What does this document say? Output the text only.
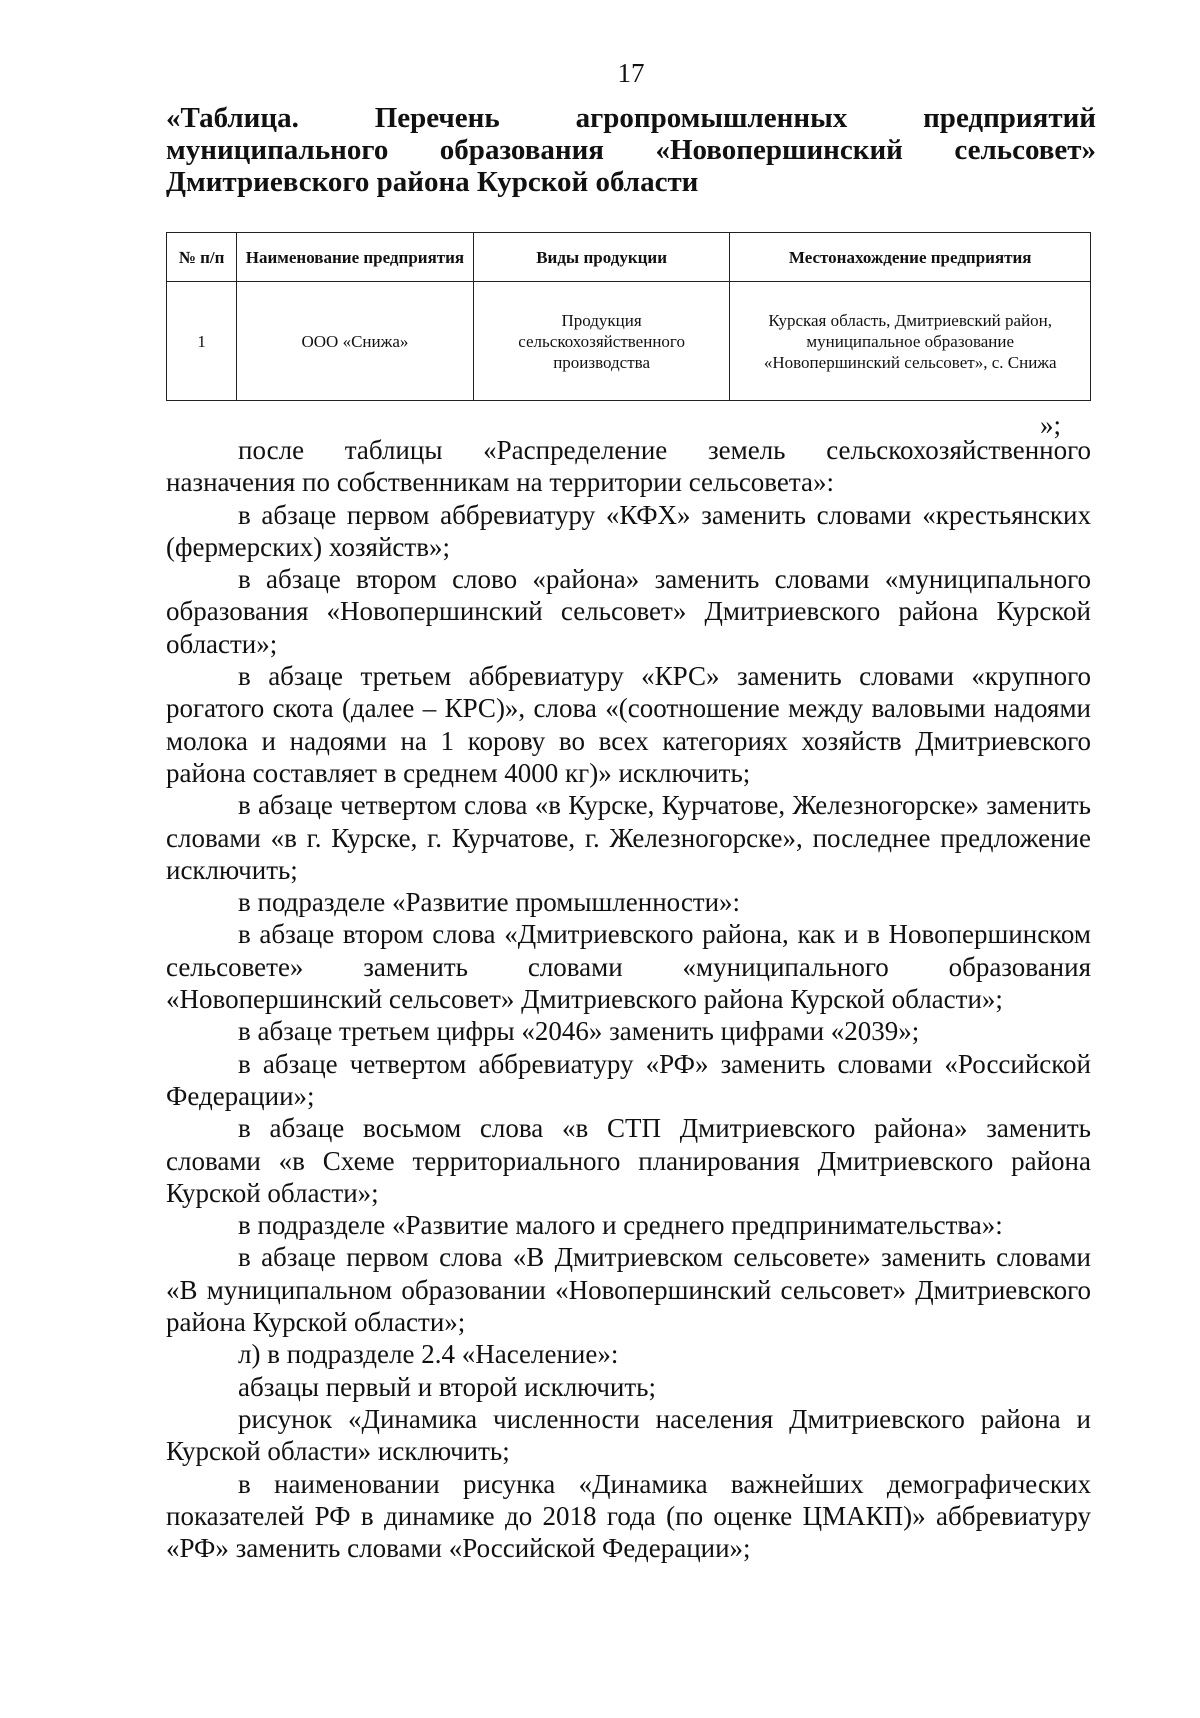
17
«Таблица. Перечень агропромышленных предприятий
муниципального образования «Новопершинский сельсовет»
Дмитриевского района Курской области
№ п/п	Наименование предприятия	Виды продукции	Местонахождение предприятия
1	ООО «Снижа»	Продукция сельскохозяйственного производства	Курская область, Дмитриевский район, муниципальное образование «Новопершинский сельсовет», с. Снижа
»;

после таблицы «Распределение земель сельскохозяйственного назначения по собственникам на территории сельсовета»:

в абзаце первом аббревиатуру «КФХ» заменить словами «крестьянских (фермерских) хозяйств»;

в абзаце втором слово «района» заменить словами «муниципального образования «Новопершинский сельсовет» Дмитриевского района Курской области»;

в абзаце третьем аббревиатуру «КРС» заменить словами «крупного рогатого скота (далее – КРС)», слова «(соотношение между валовыми надоями молока и надоями на 1 корову во всех категориях хозяйств Дмитриевского района составляет в среднем 4000 кг)» исключить;

в абзаце четвертом слова «в Курске, Курчатове, Железногорске» заменить словами «в г. Курске, г. Курчатове, г. Железногорске», последнее предложение исключить;

в подразделе «Развитие промышленности»:

в абзаце втором слова «Дмитриевского района, как и в Новопершинском сельсовете» заменить словами «муниципального образования «Новопершинский сельсовет» Дмитриевского района Курской области»;

в абзаце третьем цифры «2046» заменить цифрами «2039»;

в абзаце четвертом аббревиатуру «РФ» заменить словами «Российской Федерации»;

в абзаце восьмом слова «в СТП Дмитриевского района» заменить словами «в Схеме территориального планирования Дмитриевского района Курской области»;

в подразделе «Развитие малого и среднего предпринимательства»:

в абзаце первом слова «В Дмитриевском сельсовете» заменить словами «В муниципальном образовании «Новопершинский сельсовет» Дмитриевского района Курской области»;

л) в подразделе 2.4 «Население»:

абзацы первый и второй исключить;

рисунок «Динамика численности населения Дмитриевского района и Курской области» исключить;

в наименовании рисунка «Динамика важнейших демографических показателей РФ в динамике до 2018 года (по оценке ЦМАКП)» аббревиатуру «РФ» заменить словами «Российской Федерации»;
